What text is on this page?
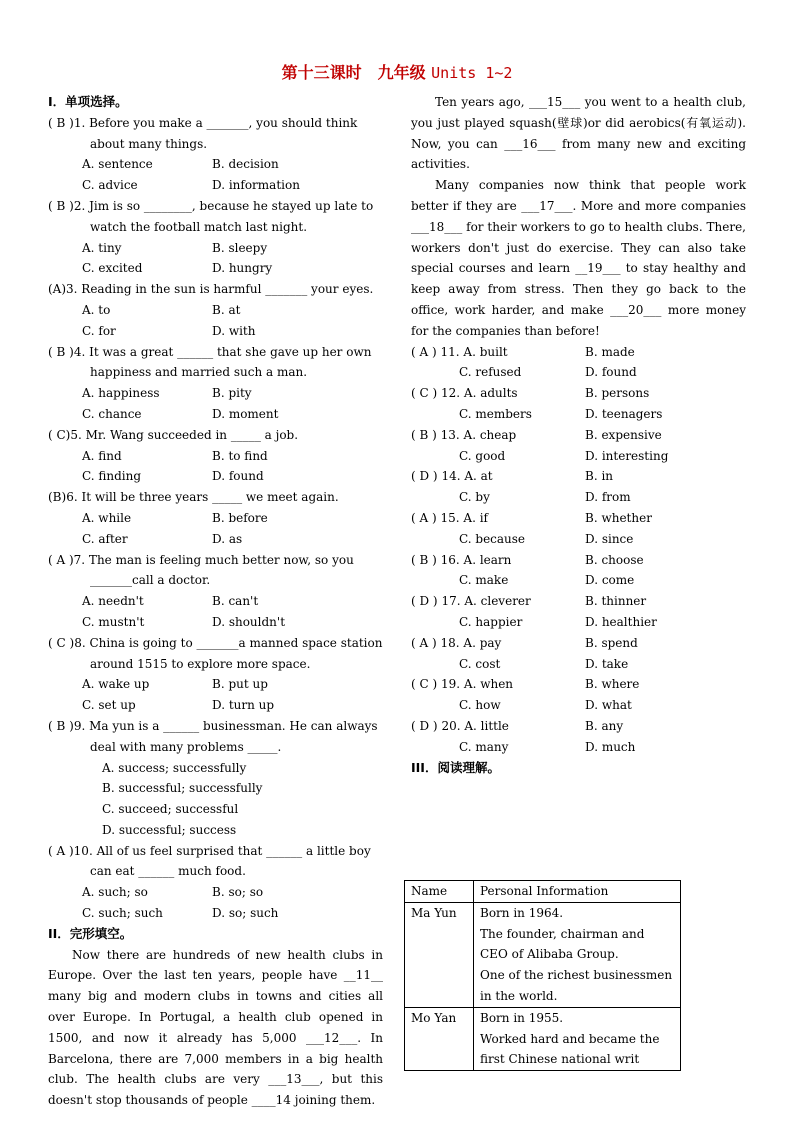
第十三课时　九年级 Units 1~2
I．单项选择。
( B )1. Before you make a _______, you should think about many things.
A. sentence	B. decision
C. advice	D. information
( B )2. Jim is so ________, because he stayed up late to watch the football match last night.
A. tiny	B. sleepy
C. excited	D. hungry
(A)3. Reading in the sun is harmful _______ your eyes.
A. to	B. at
C. for	D. with
( B )4. It was a great ______ that she gave up her own happiness and married such a man.
A. happiness	B. pity
C. chance	D. moment
( C)5. Mr. Wang succeeded in _____ a job.
A. find	B. to find
C. finding	D. found
(B)6. It will be three years _____ we meet again.
A. while	B. before
C. after	D. as
( A )7. The man is feeling much better now, so you _______call a doctor.
A. needn't	B. can't
C. mustn't	D. shouldn't
( C )8. China is going to _______a manned space station around 1515 to explore more space.
A. wake up	B. put up
C. set up	D. turn up
( B )9. Ma yun is a ______ businessman. He can always deal with many problems _____.
A. success; successfully
B. successful; successfully
C. succeed; successful
D. successful; success
( A )10. All of us feel surprised that ______ a little boy can eat ______ much food.
A. such; so	B. so; so
C. such; such	D. so; such
II．完形填空。

Now there are hundreds of new health clubs in Europe. Over the last ten years, people have __11__ many big and modern clubs in towns and cities all over Europe. In Portugal, a health club opened in 1500, and now it already has 5,000 ___12___. In Barcelona, there are 7,000 members in a big health club. The health clubs are very ___13___, but this doesn't stop thousands of people ____14 joining them.

Ten years ago, ___15___ you went to a health club, you just played squash(壁球)or did aerobics(有氧运动). Now, you can ___16___ from many new and exciting activities.

Many companies now think that people work better if they are ___17___. More and more companies ___18___ for their workers to go to health clubs. There, workers don't just do exercise. They can also take special courses and learn __19___ to stay healthy and keep away from stress. Then they go back to the office, work harder, and make ___20___ more money for the companies than before!

( A ) 11. A. built	B. made
C. refused	D. found
( C ) 12. A. adults	B. persons
C. members	D. teenagers
( B ) 13. A. cheap	B. expensive
C. good	D. interesting
( D ) 14. A. at	B. in
C. by	D. from
( A ) 15. A. if	B. whether
C. because	D. since
( B ) 16. A. learn	B. choose
C. make	D. come
( D ) 17. A. cleverer	B. thinner
C. happier	D. healthier
( A ) 18. A. pay	B. spend
C. cost	D. take
( C ) 19. A. when	B. where
C. how	D. what
( D ) 20. A. little	B. any
C. many	D. much
III．阅读理解。
Name	Personal Information
Ma Yun	Born in 1964.
The founder, chairman and CEO of Alibaba Group.
One of the richest businessmen in the world.

Mo Yan	Born in 1955.
Worked hard and became the first Chinese national writ
